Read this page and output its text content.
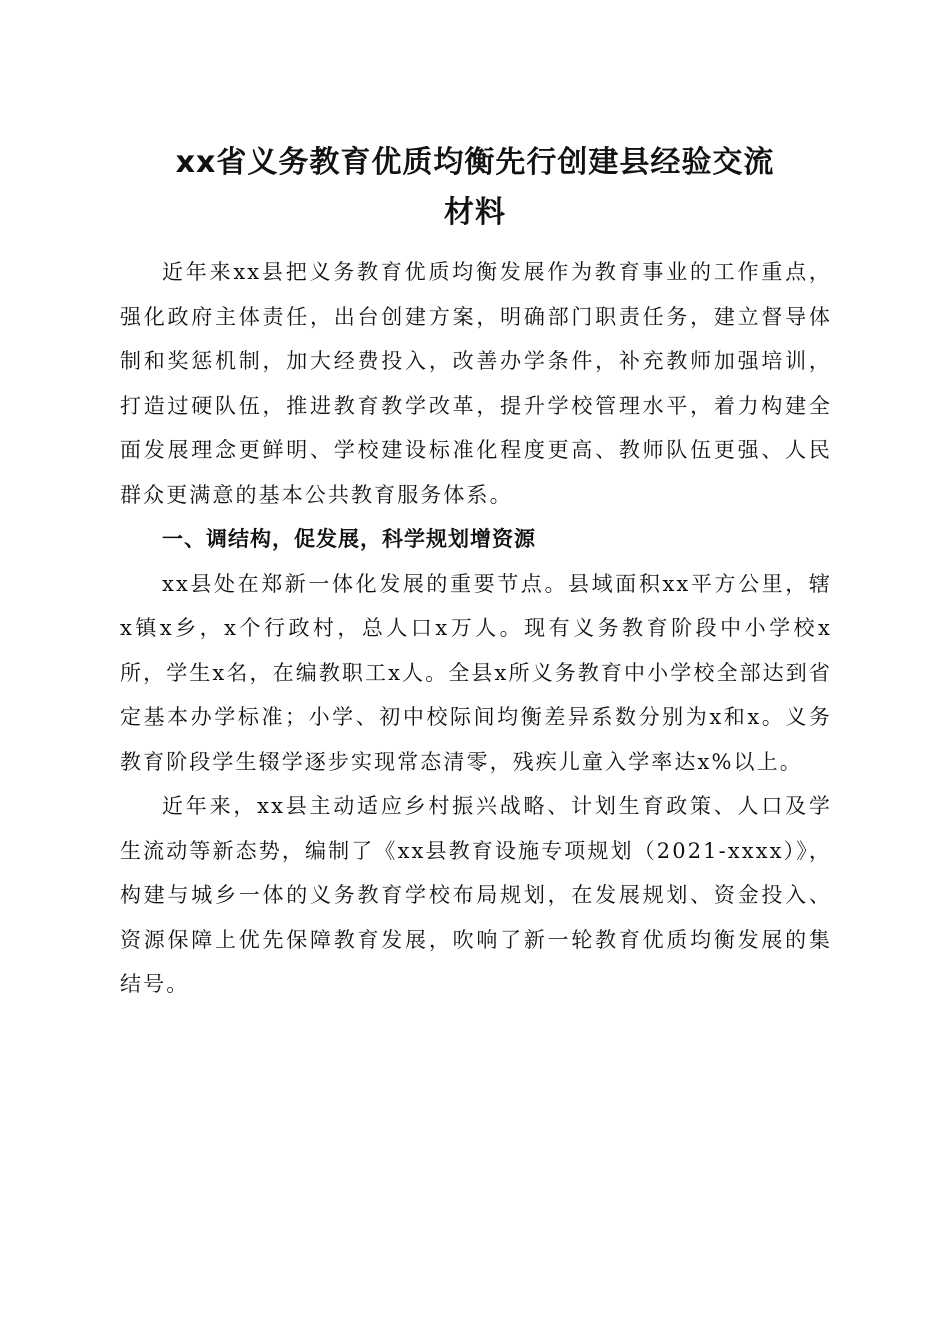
xx省义务教育优质均衡先行创建县经验交流
材料

近年来xx县把义务教育优质均衡发展作为教育事业的工作重点，强化政府主体责任，出台创建方案，明确部门职责任务，建立督导体制和奖惩机制，加大经费投入，改善办学条件，补充教师加强培训，打造过硬队伍，推进教育教学改革，提升学校管理水平，着力构建全面发展理念更鲜明、学校建设标准化程度更高、教师队伍更强、人民群众更满意的基本公共教育服务体系。

一、调结构，促发展，科学规划增资源

xx县处在郑新一体化发展的重要节点。县域面积xx平方公里，辖x镇x乡，x个行政村，总人口x万人。现有义务教育阶段中小学校x所，学生x名，在编教职工x人。全县x所义务教育中小学校全部达到省定基本办学标准；小学、初中校际间均衡差异系数分别为x和x。义务教育阶段学生辍学逐步实现常态清零，残疾儿童入学率达x%以上。

近年来，xx县主动适应乡村振兴战略、计划生育政策、人口及学生流动等新态势，编制了《xx县教育设施专项规划（2021-xxxx）》，构建与城乡一体的义务教育学校布局规划，在发展规划、资金投入、资源保障上优先保障教育发展，吹响了新一轮教育优质均衡发展的集结号。
